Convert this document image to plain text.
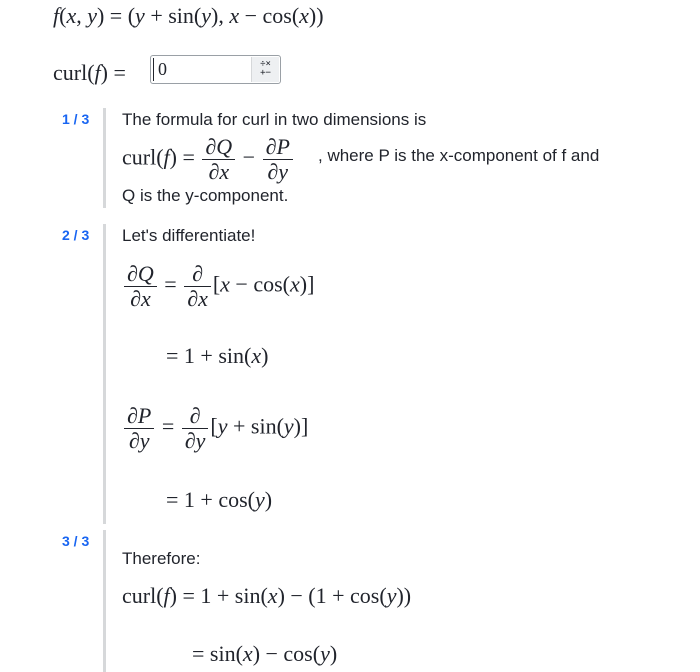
f(x, y) = (y + sin(y), x − cos(x))
curl(f) =
0	÷×
+−
1 / 3 The formula for curl in two dimensions is
curl(f) = $\frac{\partial Q}{\partial x} - \frac{\partial P}{\partial y}$ , where P is the x-component of f and
Q is the y-component.
2 / 3 Let's differentiate!
$\frac{\partial Q}{\partial x} = \frac{\partial}{\partial x} [x - \cos(x)]$
= 1 + sin(x)
$\frac{\partial P}{\partial y} = \frac{\partial}{\partial y} [y + \sin(y)]$
= 1 + cos(y)
3 / 3
Therefore:
curl(f) = 1 + sin(x) − (1 + cos(y))
= sin(x) − cos(y)
